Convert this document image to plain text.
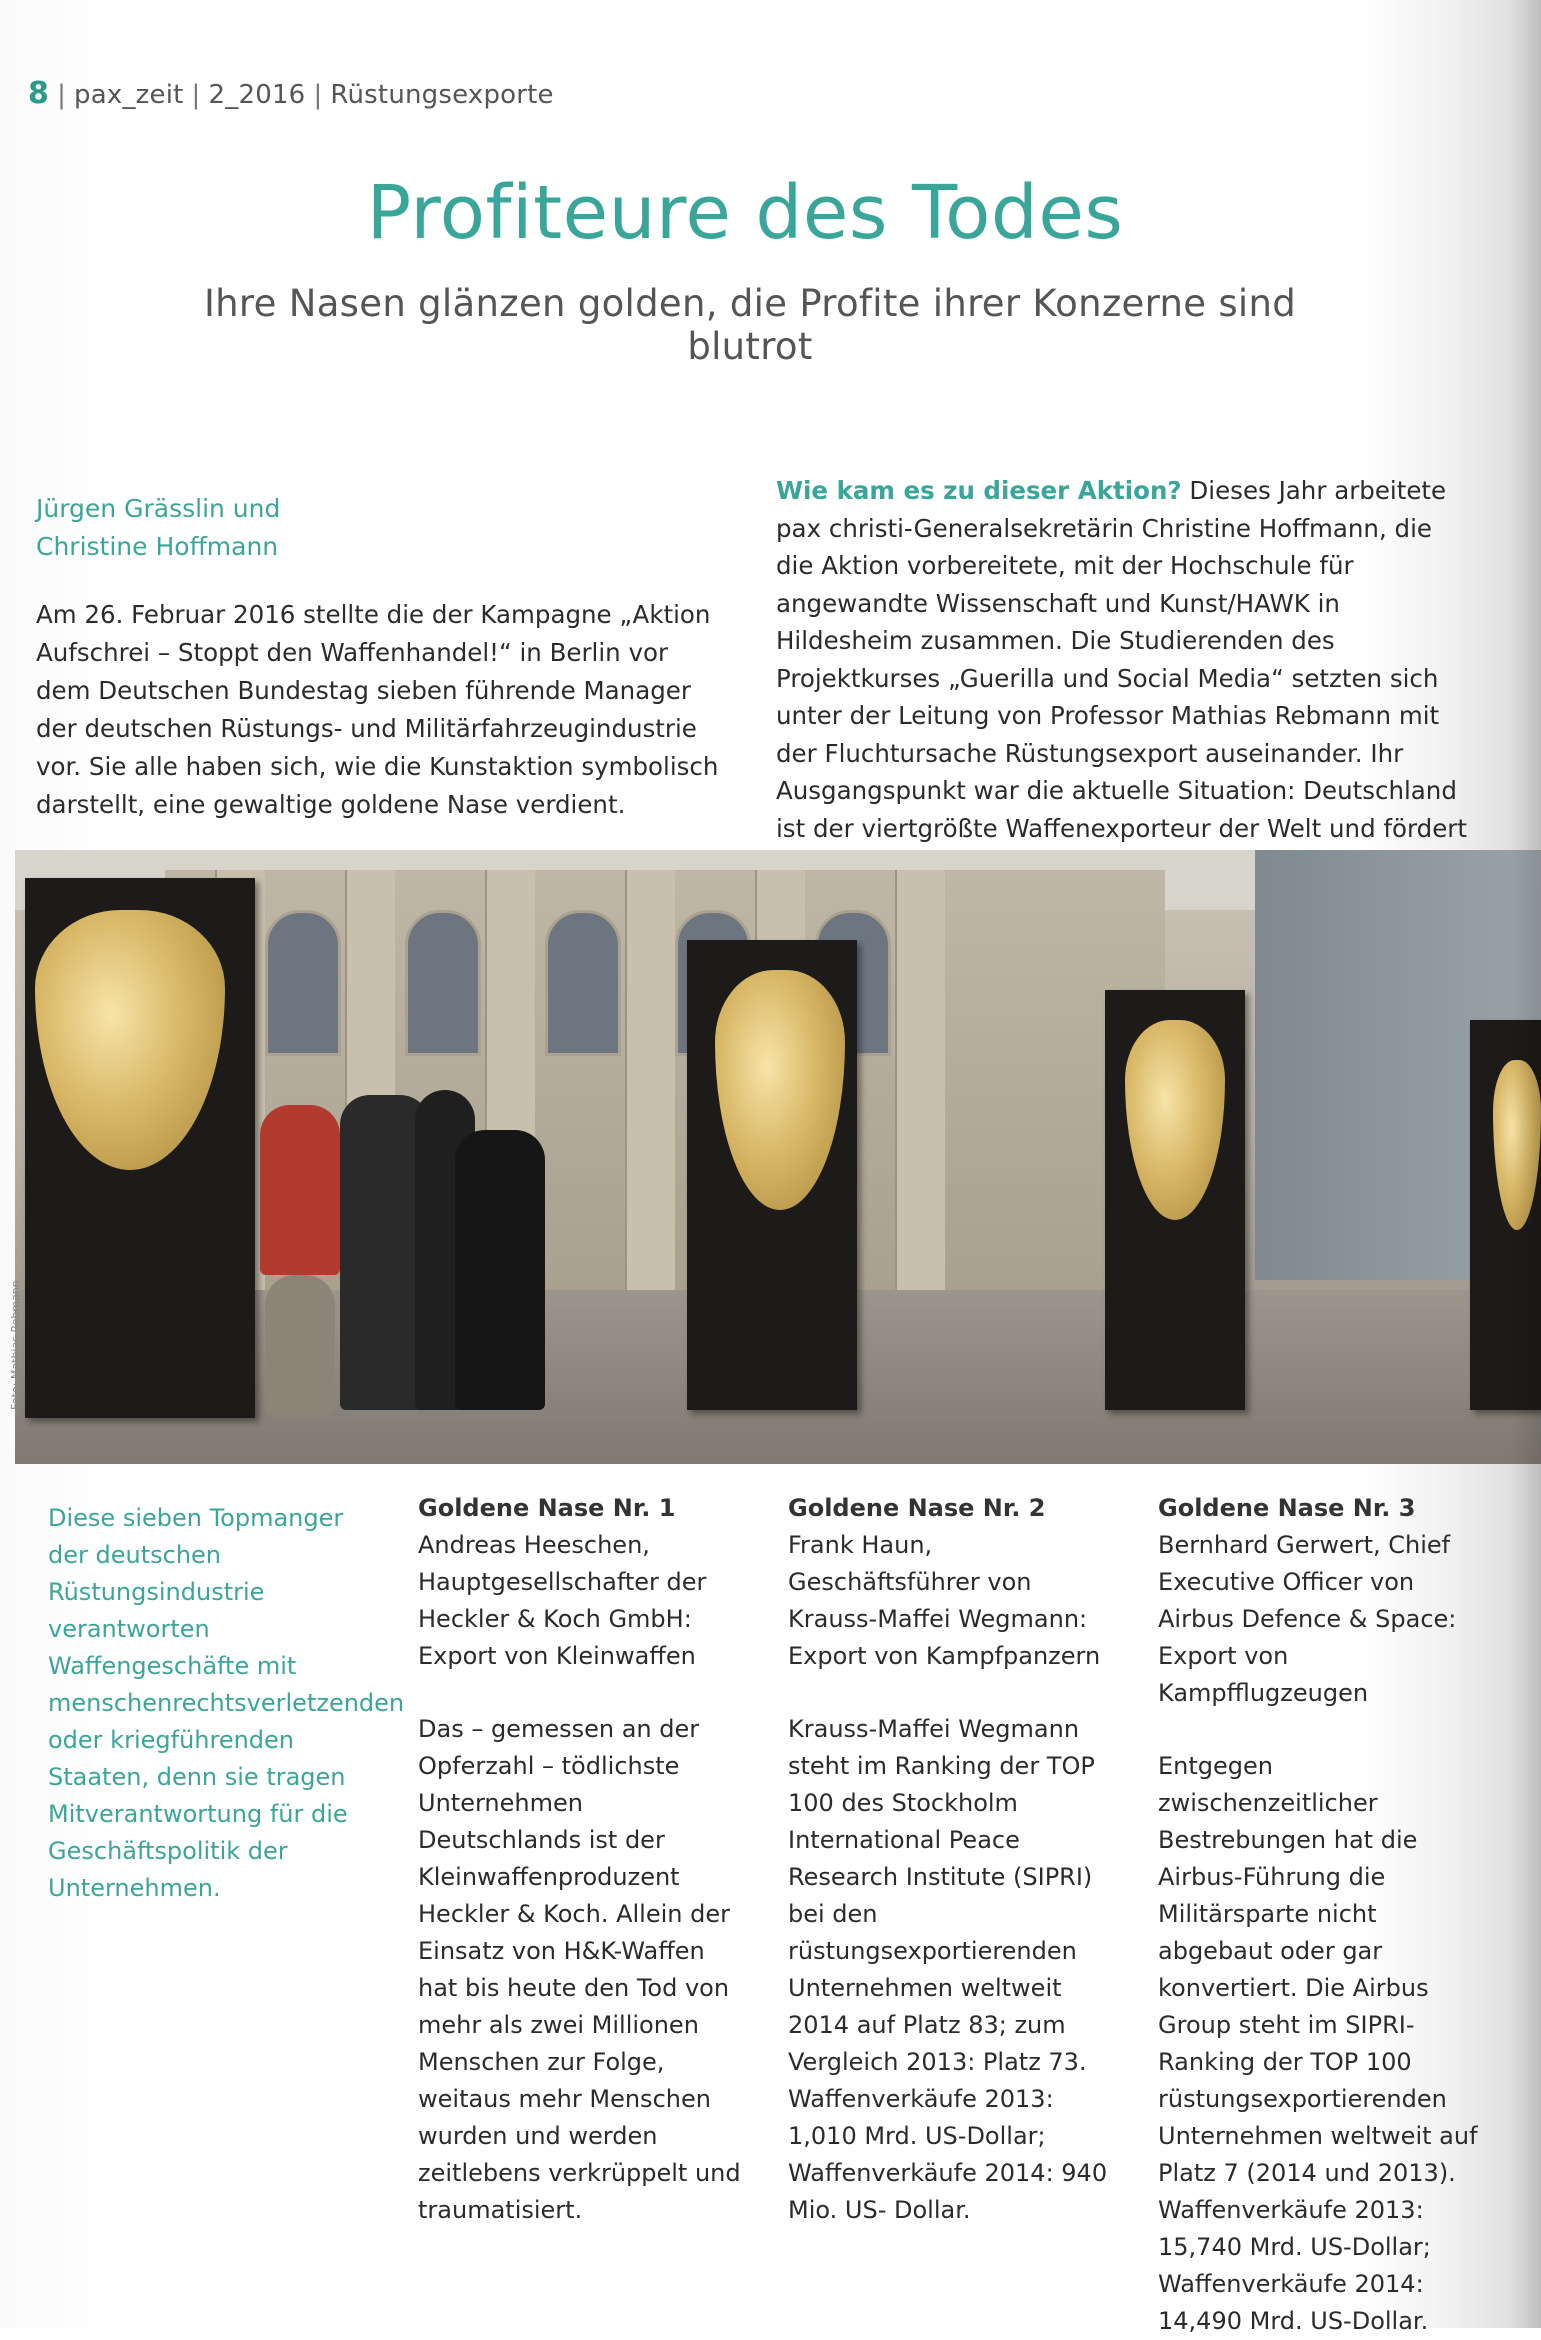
8 | pax_zeit | 2_2016 | Rüstungsexporte
Profiteure des Todes

Ihre Nasen glänzen golden, die Profite ihrer Konzerne sind blutrot

Jürgen Grässlin und
Christine Hoffmann
Am 26. Februar 2016 stellte die der Kampagne „Aktion Aufschrei – Stoppt den Waffenhandel!“ in Berlin vor dem Deutschen Bundestag sieben führende Manager der deutschen Rüstungs- und Militärfahrzeugindustrie vor. Sie alle haben sich, wie die Kunstaktion symbolisch darstellt, eine gewaltige goldene Nase verdient.
Wie kam es zu dieser Aktion? Dieses Jahr arbeitete pax christi-Generalsekretärin Christine Hoffmann, die die Aktion vorbereitete, mit der Hochschule für angewandte Wissenschaft und Kunst/HAWK in Hildesheim zusammen. Die Studierenden des Projektkurses „Guerilla und Social Media“ setzten sich unter der Leitung von Professor Mathias Rebmann mit der Fluchtursache Rüstungsexport auseinander. Ihr Ausgangspunkt war die aktuelle Situation: Deutschland ist der viertgrößte Waffenexporteur der Welt und fördert
Foto: Mathias Rebmann
Diese sieben Topmanger der deutschen Rüstungsindustrie verantworten Waffengeschäfte mit menschenrechtsverletzenden oder kriegführenden Staaten, denn sie tragen Mitverantwortung für die Geschäftspolitik der Unternehmen.
Goldene Nase Nr. 1
Andreas Heeschen, Hauptgesellschafter der Heckler & Koch GmbH: Export von Kleinwaffen
Das – gemessen an der Opferzahl – tödlichste Unternehmen Deutschlands ist der Kleinwaffenproduzent Heckler & Koch. Allein der Einsatz von H&K-Waffen hat bis heute den Tod von mehr als zwei Millionen Menschen zur Folge, weitaus mehr Menschen wurden und werden zeitlebens verkrüppelt und traumatisiert.
Goldene Nase Nr. 2
Frank Haun, Geschäftsführer von Krauss-Maffei Wegmann: Export von Kampfpanzern
Krauss-Maffei Wegmann steht im Ranking der TOP 100 des Stockholm International Peace Research Institute (SIPRI) bei den rüstungsexportierenden Unternehmen weltweit 2014 auf Platz 83; zum Vergleich 2013: Platz 73. Waffenverkäufe 2013: 1,010 Mrd. US-Dollar; Waffenverkäufe 2014: 940 Mio. US- Dollar.
Goldene Nase Nr. 3
Bernhard Gerwert, Chief Executive Officer von Airbus Defence & Space: Export von Kampfflugzeugen
Entgegen zwischenzeitlicher Bestrebungen hat die Airbus-Führung die Militärsparte nicht abgebaut oder gar konvertiert. Die Airbus Group steht im SIPRI-Ranking der TOP 100 rüstungsexportierenden Unternehmen weltweit auf Platz 7 (2014 und 2013). Waffenverkäufe 2013: 15,740 Mrd. US-Dollar; Waffenverkäufe 2014: 14,490 Mrd. US-Dollar.
